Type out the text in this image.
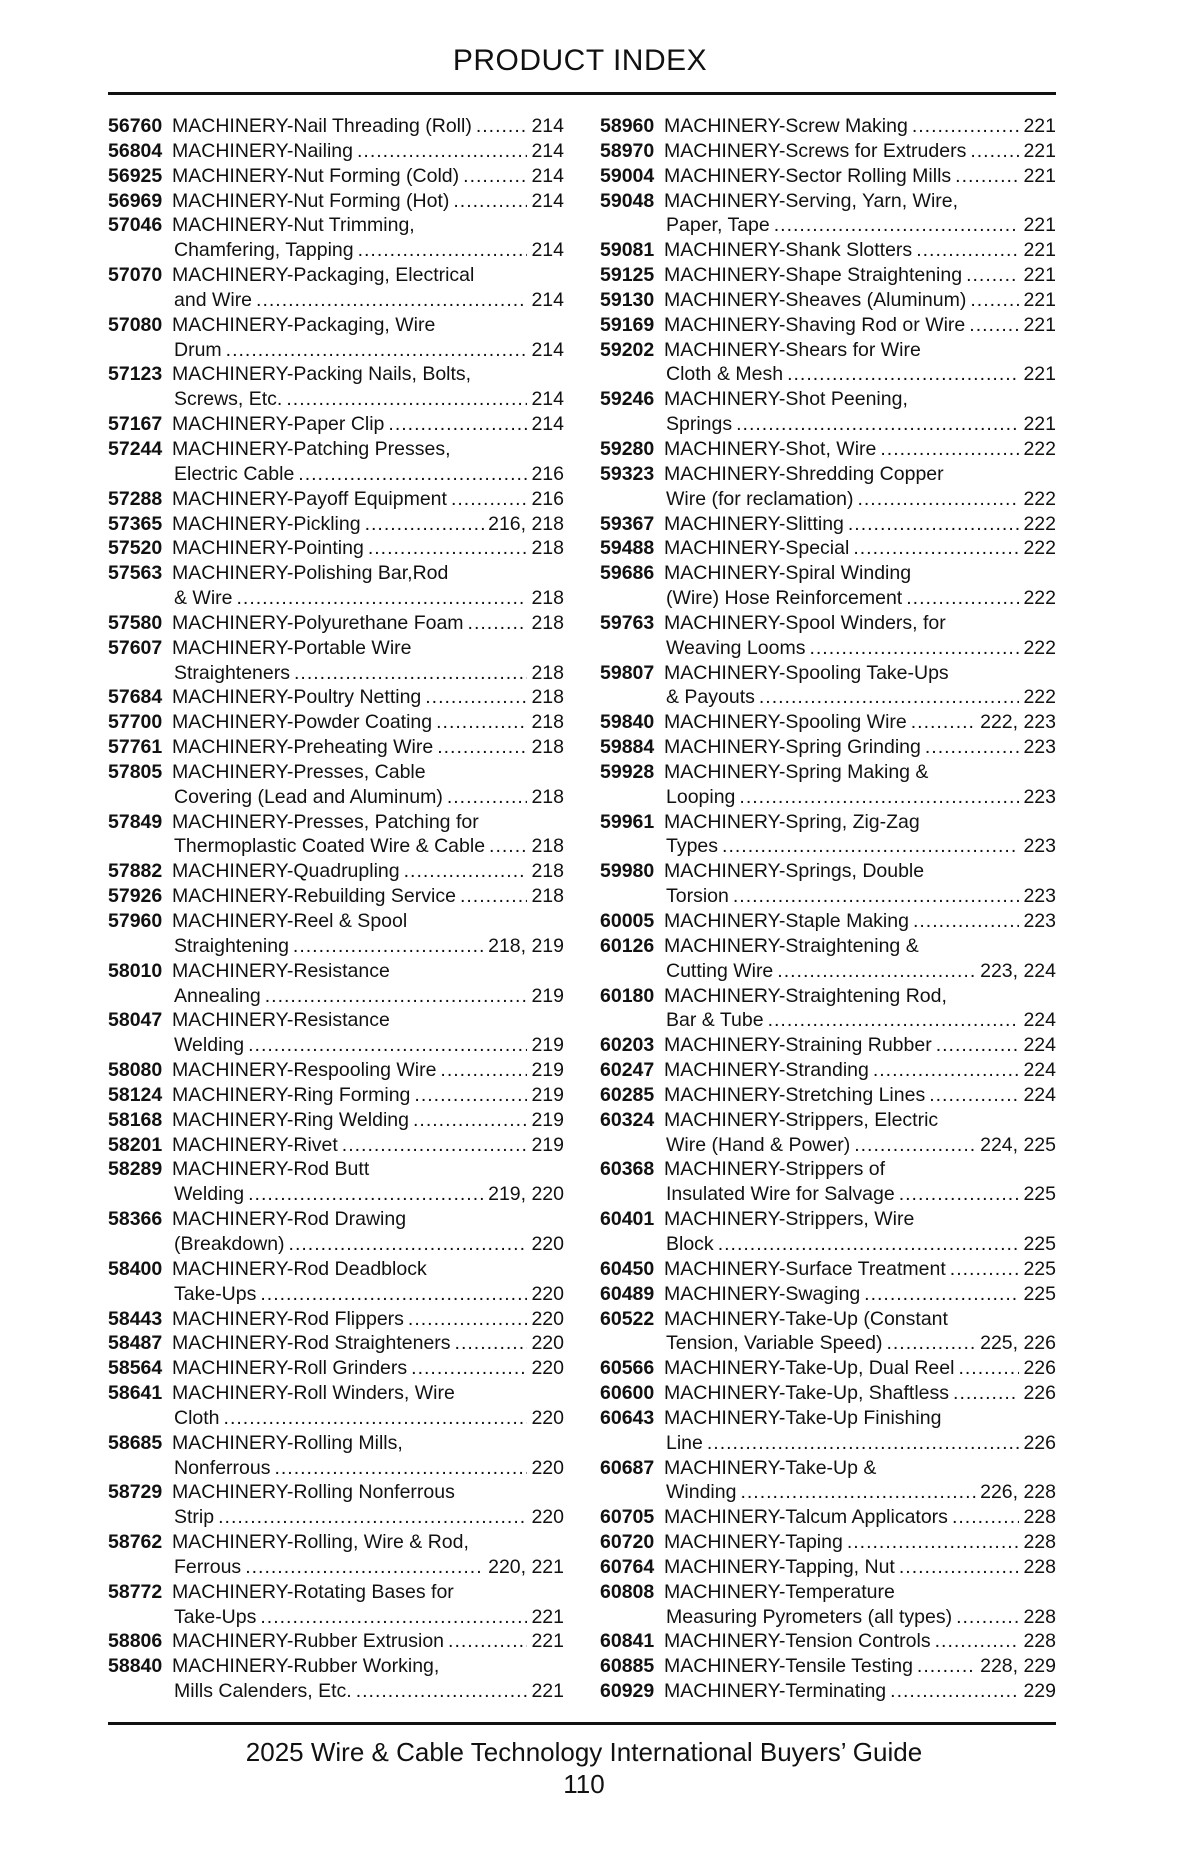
PRODUCT INDEX
56760 MACHINERY-Nail Threading (Roll) .....	214
56804 MACHINERY-Nailing .....	214
56925 MACHINERY-Nut Forming (Cold) .....	214
56969 MACHINERY-Nut Forming (Hot) .....	214
57046 MACHINERY-Nut Trimming,
Chamfering, Tapping .....	214
57070 MACHINERY-Packaging, Electrical
and Wire .....	214
57080 MACHINERY-Packaging, Wire
Drum .....	214
57123 MACHINERY-Packing Nails, Bolts,
Screws, Etc. .....	214
57167 MACHINERY-Paper Clip .....	214
57244 MACHINERY-Patching Presses,
Electric Cable .....	216
57288 MACHINERY-Payoff Equipment .....	216
57365 MACHINERY-Pickling .....	216, 218
57520 MACHINERY-Pointing .....	218
57563 MACHINERY-Polishing Bar,Rod
& Wire .....	218
57580 MACHINERY-Polyurethane Foam .....	218
57607 MACHINERY-Portable Wire
Straighteners .....	218
57684 MACHINERY-Poultry Netting .....	218
57700 MACHINERY-Powder Coating .....	218
57761 MACHINERY-Preheating Wire .....	218
57805 MACHINERY-Presses, Cable
Covering (Lead and Aluminum) .....	218
57849 MACHINERY-Presses, Patching for
Thermoplastic Coated Wire & Cable ..... 218
57882 MACHINERY-Quadrupling .....	218
57926 MACHINERY-Rebuilding Service .....	218
57960 MACHINERY-Reel & Spool
Straightening .....	218, 219
58010 MACHINERY-Resistance
Annealing .....	219
58047 MACHINERY-Resistance
Welding .....	219
58080 MACHINERY-Respooling Wire .....	219
58124 MACHINERY-Ring Forming .....	219
58168 MACHINERY-Ring Welding .....	219
58201 MACHINERY-Rivet .....	219
58289 MACHINERY-Rod Butt
Welding .....	219, 220
58366 MACHINERY-Rod Drawing
(Breakdown) .....	220
58400 MACHINERY-Rod Deadblock
Take-Ups .....	220
58443 MACHINERY-Rod Flippers .....	220
58487 MACHINERY-Rod Straighteners .....	220
58564 MACHINERY-Roll Grinders .....	220
58641 MACHINERY-Roll Winders, Wire
Cloth .....	220
58685 MACHINERY-Rolling Mills,
Nonferrous .....	220
58729 MACHINERY-Rolling Nonferrous
Strip .....	220
58762 MACHINERY-Rolling, Wire & Rod,
Ferrous .....	220, 221
58772 MACHINERY-Rotating Bases for
Take-Ups .....	221
58806 MACHINERY-Rubber Extrusion .....	221
58840 MACHINERY-Rubber Working,
Mills Calenders, Etc. .....	221
58960 MACHINERY-Screw Making .....	221
58970 MACHINERY-Screws for Extruders .....	221
59004 MACHINERY-Sector Rolling Mills .....	221
59048 MACHINERY-Serving, Yarn, Wire,
Paper, Tape .....	221
59081 MACHINERY-Shank Slotters .....	221
59125 MACHINERY-Shape Straightening .....	221
59130 MACHINERY-Sheaves (Aluminum) .....	221
59169 MACHINERY-Shaving Rod or Wire .....	221
59202 MACHINERY-Shears for Wire
Cloth & Mesh .....	221
59246 MACHINERY-Shot Peening,
Springs .....	221
59280 MACHINERY-Shot, Wire .....	222
59323 MACHINERY-Shredding Copper
Wire (for reclamation) .....	222
59367 MACHINERY-Slitting .....	222
59488 MACHINERY-Special .....	222
59686 MACHINERY-Spiral Winding
(Wire) Hose Reinforcement .....	222
59763 MACHINERY-Spool Winders, for
Weaving Looms .....	222
59807 MACHINERY-Spooling Take-Ups
& Payouts .....	222
59840 MACHINERY-Spooling Wire .....	222, 223
59884 MACHINERY-Spring Grinding .....	223
59928 MACHINERY-Spring Making &
Looping .....	223
59961 MACHINERY-Spring, Zig-Zag
Types .....	223
59980 MACHINERY-Springs, Double
Torsion .....	223
60005 MACHINERY-Staple Making .....	223
60126 MACHINERY-Straightening &
Cutting Wire .....	223, 224
60180 MACHINERY-Straightening Rod,
Bar & Tube .....	224
60203 MACHINERY-Straining Rubber .....	224
60247 MACHINERY-Stranding .....	224
60285 MACHINERY-Stretching Lines .....	224
60324 MACHINERY-Strippers, Electric
Wire (Hand & Power) .....	224, 225
60368 MACHINERY-Strippers of
Insulated Wire for Salvage .....	225
60401 MACHINERY-Strippers, Wire
Block .....	225
60450 MACHINERY-Surface Treatment .....	225
60489 MACHINERY-Swaging .....	225
60522 MACHINERY-Take-Up (Constant
Tension, Variable Speed) .....	225, 226
60566 MACHINERY-Take-Up, Dual Reel .....	226
60600 MACHINERY-Take-Up, Shaftless .....	226
60643 MACHINERY-Take-Up Finishing
Line .....	226
60687 MACHINERY-Take-Up &
Winding .....	226, 228
60705 MACHINERY-Talcum Applicators .....	228
60720 MACHINERY-Taping .....	228
60764 MACHINERY-Tapping, Nut .....	228
60808 MACHINERY-Temperature
Measuring Pyrometers (all types) .....	228
60841 MACHINERY-Tension Controls .....	228
60885 MACHINERY-Tensile Testing .....	228, 229
60929 MACHINERY-Terminating .....	229
2025 Wire & Cable Technology International Buyers’ Guide
110
